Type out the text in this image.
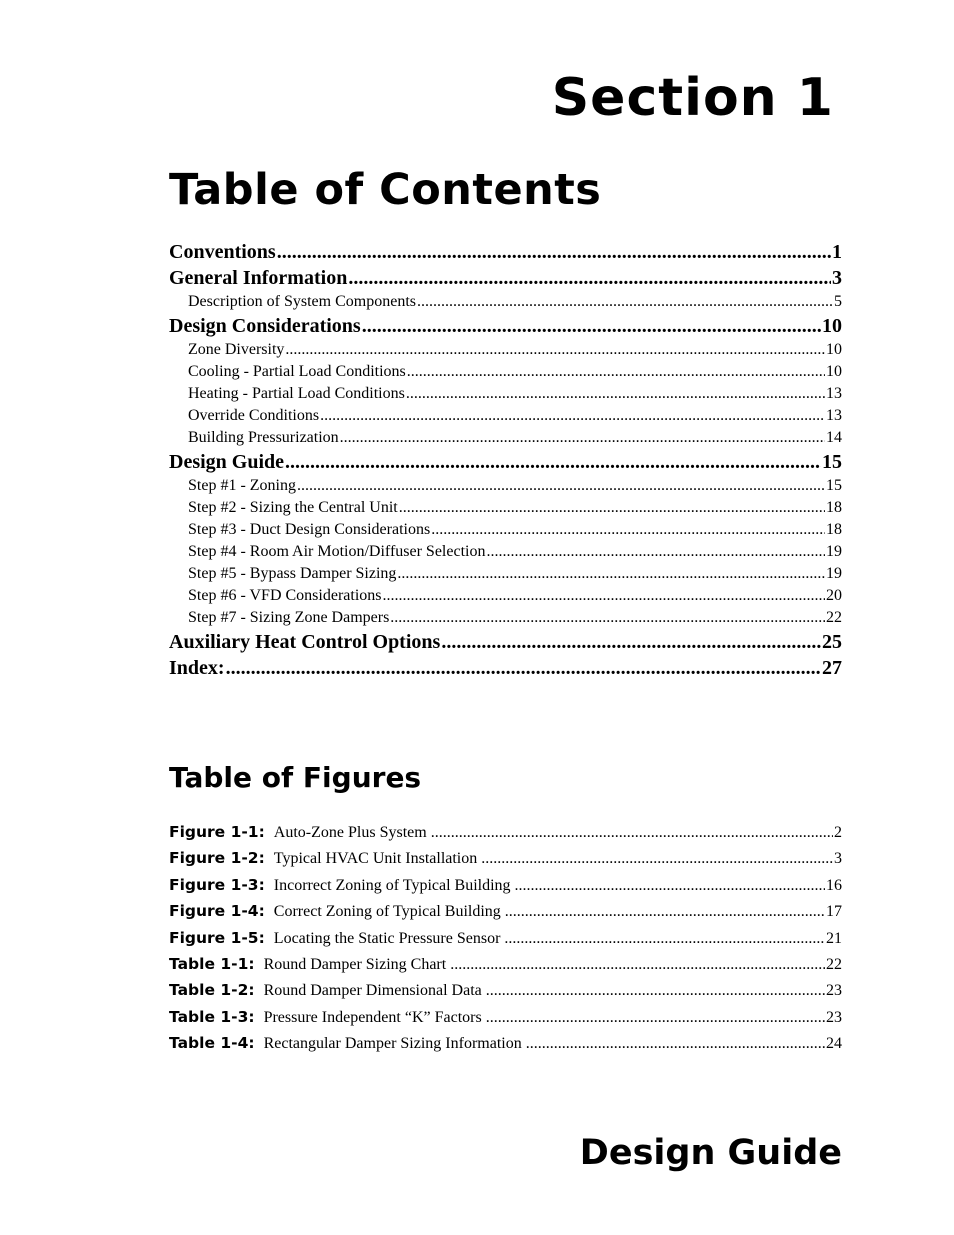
Section 1
Table of Contents
Conventions .....	1
General Information .....	3
Description of System Components .....	5
Design Considerations .....	10
Zone Diversity .....	10
Cooling - Partial Load Conditions .....	10
Heating - Partial Load Conditions .....	13
Override Conditions .....	13
Building Pressurization .....	14
Design Guide .....	15
Step #1 - Zoning .....	15
Step #2 - Sizing the Central Unit .....	18
Step #3 - Duct Design Considerations .....	18
Step #4 - Room Air Motion/Diffuser Selection .....	19
Step #5 - Bypass Damper Sizing .....	19
Step #6 - VFD Considerations .....	20
Step #7 - Sizing Zone Dampers .....	22
Auxiliary Heat Control Options .....	25
Index: .....	27
Table of Figures
Figure 1-1: Auto-Zone Plus System .....	2
Figure 1-2: Typical HVAC Unit Installation .....	3
Figure 1-3: Incorrect Zoning of Typical Building .....	16
Figure 1-4: Correct Zoning of Typical Building .....	17
Figure 1-5: Locating the Static Pressure Sensor .....	21
Table 1-1: Round Damper Sizing Chart .....	22
Table 1-2: Round Damper Dimensional Data .....	23
Table 1-3: Pressure Independent “K” Factors .....	23
Table 1-4: Rectangular Damper Sizing Information .....	24
Design Guide
